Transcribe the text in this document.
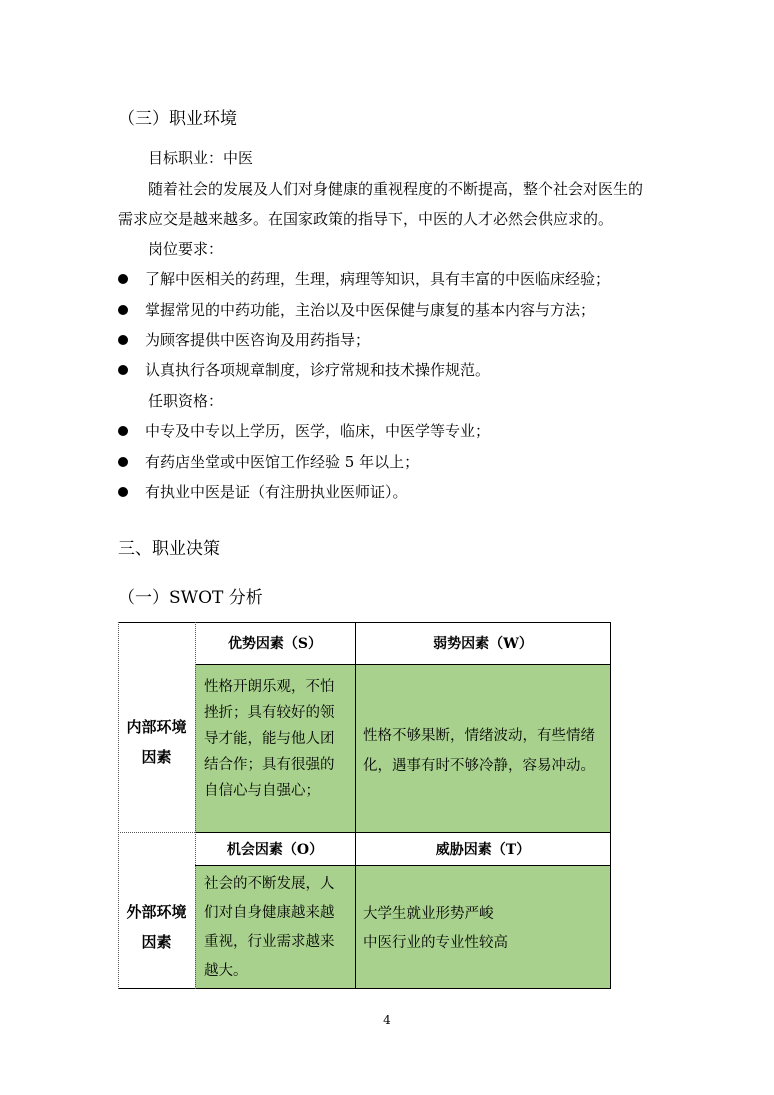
（三）职业环境
目标职业：中医
随着社会的发展及人们对身健康的重视程度的不断提高，整个社会对医生的
需求应交是越来越多。在国家政策的指导下，中医的人才必然会供应求的。
岗位要求：
了解中医相关的药理，生理，病理等知识，具有丰富的中医临床经验；
掌握常见的中药功能，主治以及中医保健与康复的基本内容与方法；
为顾客提供中医咨询及用药指导；
认真执行各项规章制度，诊疗常规和技术操作规范。
任职资格：
中专及中专以上学历，医学，临床，中医学等专业；
有药店坐堂或中医馆工作经验 5 年以上；
有执业中医是证（有注册执业医师证）。
三、职业决策
（一）SWOT 分析
优势因素（S）	弱势因素（W）
机会因素（O）	威胁因素（T）
内部环境
因素
外部环境
因素
性格开朗乐观，不怕
挫折；具有较好的领
导才能，能与他人团
结合作；具有很强的
自信心与自强心；
性格不够果断，情绪波动，有些情绪
化，遇事有时不够冷静，容易冲动。
社会的不断发展，人
们对自身健康越来越
重视，行业需求越来
越大。
大学生就业形势严峻
中医行业的专业性较高
4
